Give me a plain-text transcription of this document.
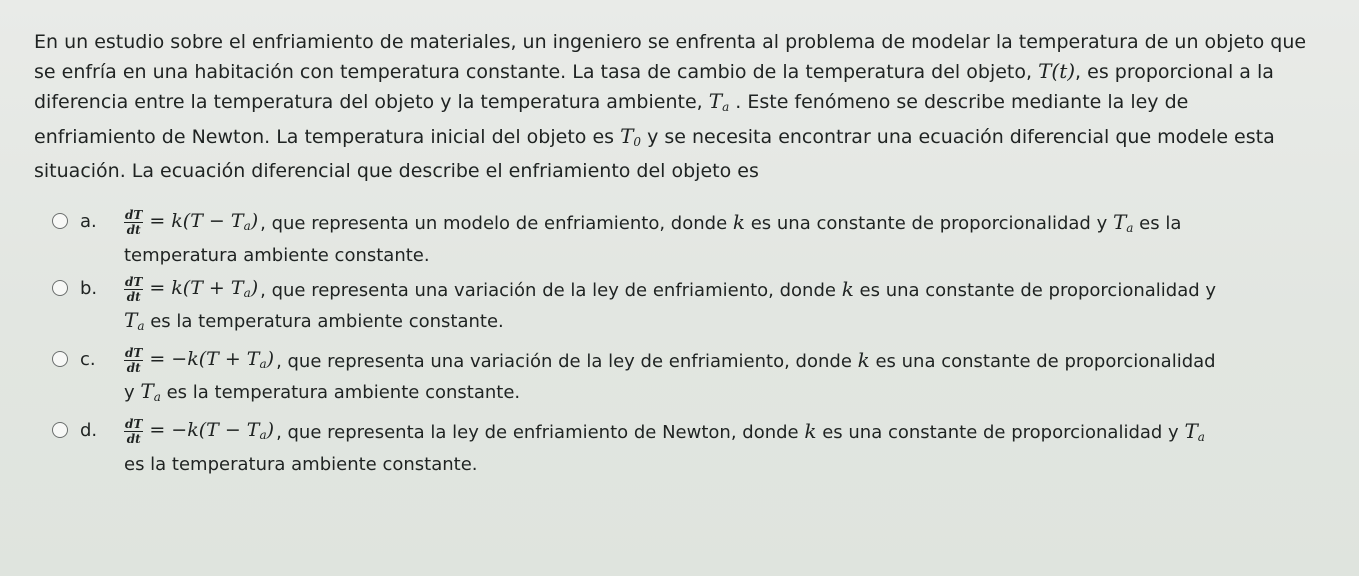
En un estudio sobre el enfriamiento de materiales, un ingeniero se enfrenta al problema de modelar la temperatura de un objeto que
se enfría en una habitación con temperatura constante. La tasa de cambio de la temperatura del objeto, T(t), es proporcional a la
diferencia entre la temperatura del objeto y la temperatura ambiente, $T_a$ . Este fenómeno se describe mediante la ley de
enfriamiento de Newton. La temperatura inicial del objeto es $T_0$ y se necesita encontrar una ecuación diferencial que modele esta
situación. La ecuación diferencial que describe el enfriamiento del objeto es
a. $\frac{dT}{dt} = k(T - T_a)$ , que representa un modelo de enfriamiento, donde k es una constante de proporcionalidad y $T_a$ es la
temperatura ambiente constante.
b. $\frac{dT}{dt} = k(T + T_a)$ , que representa una variación de la ley de enfriamiento, donde k es una constante de proporcionalidad y
$T_a$ es la temperatura ambiente constante.
c. $\frac{dT}{dt} = -k(T + T_a)$ , que representa una variación de la ley de enfriamiento, donde k es una constante de proporcionalidad
y $T_a$ es la temperatura ambiente constante.
d. $\frac{dT}{dt} = -k(T - T_a)$ , que representa la ley de enfriamiento de Newton, donde k es una constante de proporcionalidad y $T_a$
es la temperatura ambiente constante.
